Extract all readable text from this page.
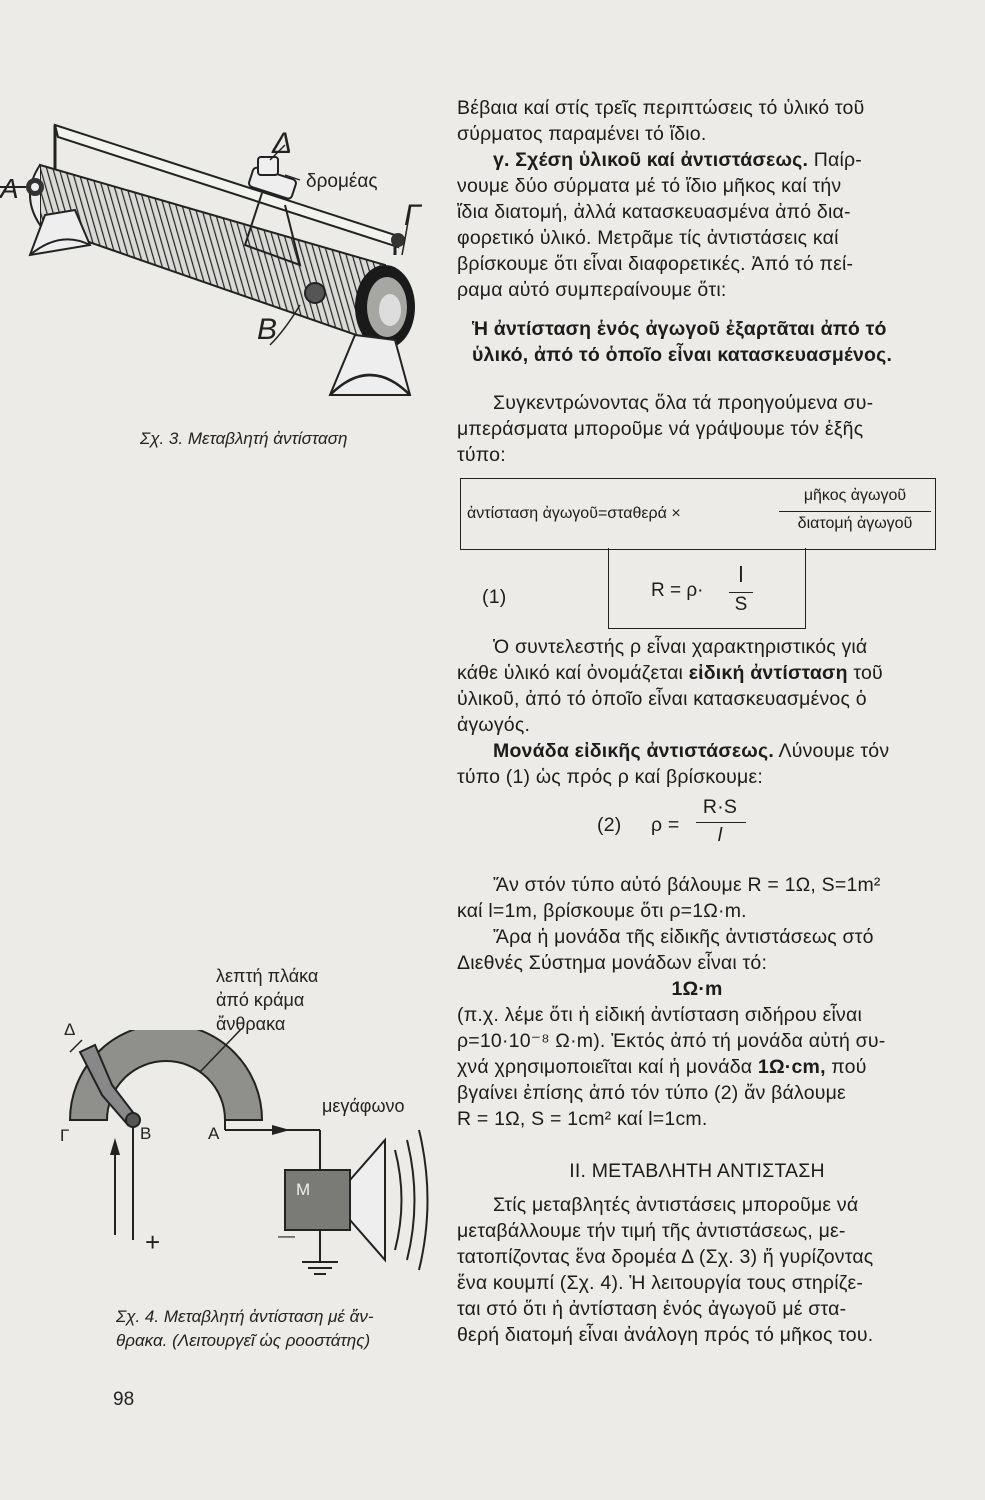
Δ
δρομέας
Γ
Α
Β
Σχ. 3. Μεταβλητή ἀντίσταση
λεπτή πλάκα
ἀπό κράμα
ἄνθρακα
μεγάφωνο
Δ
Γ	Β	Α
M
+	—
Σχ. 4. Μεταβλητή ἀντίσταση μέ ἄν-
θρακα. (Λειτουργεῖ ὡς ροοστάτης)
98

Βέβαια καί στίς τρεῖς περιπτώσεις τό ὑλικό τοῦ

σύρματος παραμένει τό ἴδιο.

γ. Σχέση ὑλικοῦ καί ἀντιστάσεως. Παίρ-

νουμε δύο σύρματα μέ τό ἴδιο μῆκος καί τήν

ἴδια διατομή, ἀλλά κατασκευασμένα ἀπό δια-

φορετικό ὑλικό. Μετρᾶμε τίς ἀντιστάσεις καί

βρίσκουμε ὅτι εἶναι διαφορετικές. Ἀπό τό πεί-

ραμα αὐτό συμπεραίνουμε ὅτι:

Ἡ ἀντίσταση ἑνός ἀγωγοῦ ἐξαρτᾶται ἀπό τό

ὑλικό, ἀπό τό ὁποῖο εἶναι κατασκευασμένος.

Συγκεντρώνοντας ὅλα τά προηγούμενα συ-

μπεράσματα μποροῦμε νά γράψουμε τόν ἑξῆς

τύπο:

ἀντίσταση ἀγωγοῦ=σταθερά ×
μῆκος ἀγωγοῦ
διατομή ἀγωγοῦ
(1)	R = ρ·
l
S

Ὁ συντελεστής ρ εἶναι χαρακτηριστικός γιά

κάθε ὑλικό καί ὀνομάζεται εἰδική ἀντίσταση τοῦ

ὑλικοῦ, ἀπό τό ὁποῖο εἶναι κατασκευασμένος ὁ

ἀγωγός.

Μονάδα εἰδικῆς ἀντιστάσεως. Λύνουμε τόν

τύπο (1) ὡς πρός ρ καί βρίσκουμε:

(2) ρ =
R·S
l

Ἄν στόν τύπο αὐτό βάλουμε R = 1Ω, S=1m²

καί l=1m, βρίσκουμε ὅτι ρ=1Ω·m.

Ἄρα ἡ μονάδα τῆς εἰδικῆς ἀντιστάσεως στό

Διεθνές Σύστημα μονάδων εἶναι τό:

1Ω·m

(π.χ. λέμε ὅτι ἡ εἰδική ἀντίσταση σιδήρου εἶναι

ρ=10·10⁻⁸ Ω·m). Ἐκτός ἀπό τή μονάδα αὐτή συ-

χνά χρησιμοποιεῖται καί ἡ μονάδα 1Ω·cm, πού

βγαίνει ἐπίσης ἀπό τόν τύπο (2) ἄν βάλουμε

R = 1Ω, S = 1cm² καί l=1cm.

II. ΜΕΤΑΒΛΗΤΗ ΑΝΤΙΣΤΑΣΗ

Στίς μεταβλητές ἀντιστάσεις μποροῦμε νά

μεταβάλλουμε τήν τιμή τῆς ἀντιστάσεως, με-

τατοπίζοντας ἕνα δρομέα Δ (Σχ. 3) ἤ γυρίζοντας

ἕνα κουμπί (Σχ. 4). Ἡ λειτουργία τους στηρίζε-

ται στό ὅτι ἡ ἀντίσταση ἑνός ἀγωγοῦ μέ στα-

θερή διατομή εἶναι ἀνάλογη πρός τό μῆκος του.
